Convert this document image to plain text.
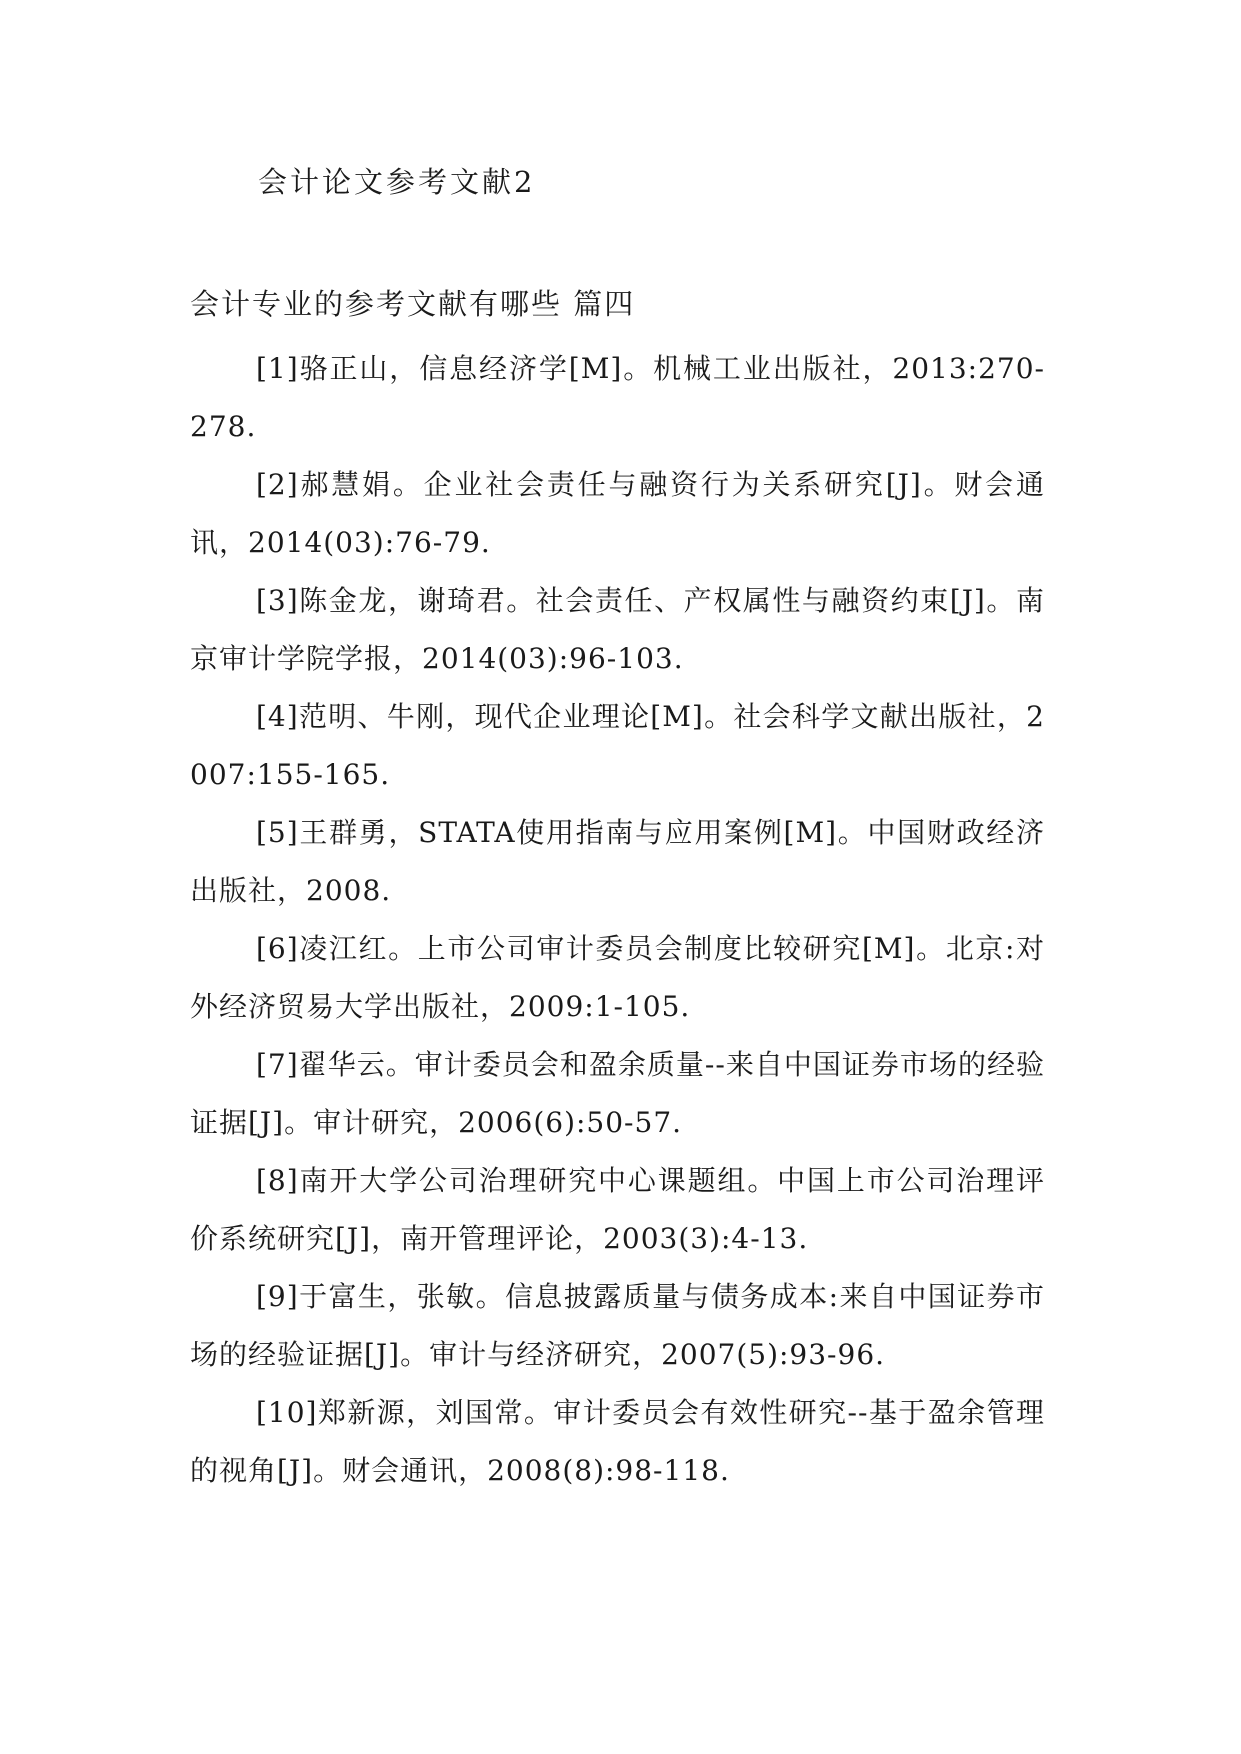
会计论文参考文献2
会计专业的参考文献有哪些 篇四
[1]骆正山，信息经济学[M]。机械工业出版社，2013:270-278.
[2]郝慧娟。企业社会责任与融资行为关系研究[J]。财会通讯，2014(03):76-79.
[3]陈金龙，谢琦君。社会责任、产权属性与融资约束[J]。南京审计学院学报，2014(03):96-103.
[4]范明、牛刚，现代企业理论[M]。社会科学文献出版社，2007:155-165.
[5]王群勇，STATA使用指南与应用案例[M]。中国财政经济出版社，2008.
[6]凌江红。上市公司审计委员会制度比较研究[M]。北京:对外经济贸易大学出版社，2009:1-105.
[7]翟华云。审计委员会和盈余质量--来自中国证券市场的经验证据[J]。审计研究，2006(6):50-57.
[8]南开大学公司治理研究中心课题组。中国上市公司治理评价系统研究[J]，南开管理评论，2003(3):4-13.
[9]于富生，张敏。信息披露质量与债务成本:来自中国证券市场的经验证据[J]。审计与经济研究，2007(5):93-96.
[10]郑新源，刘国常。审计委员会有效性研究--基于盈余管理的视角[J]。财会通讯，2008(8):98-118.
